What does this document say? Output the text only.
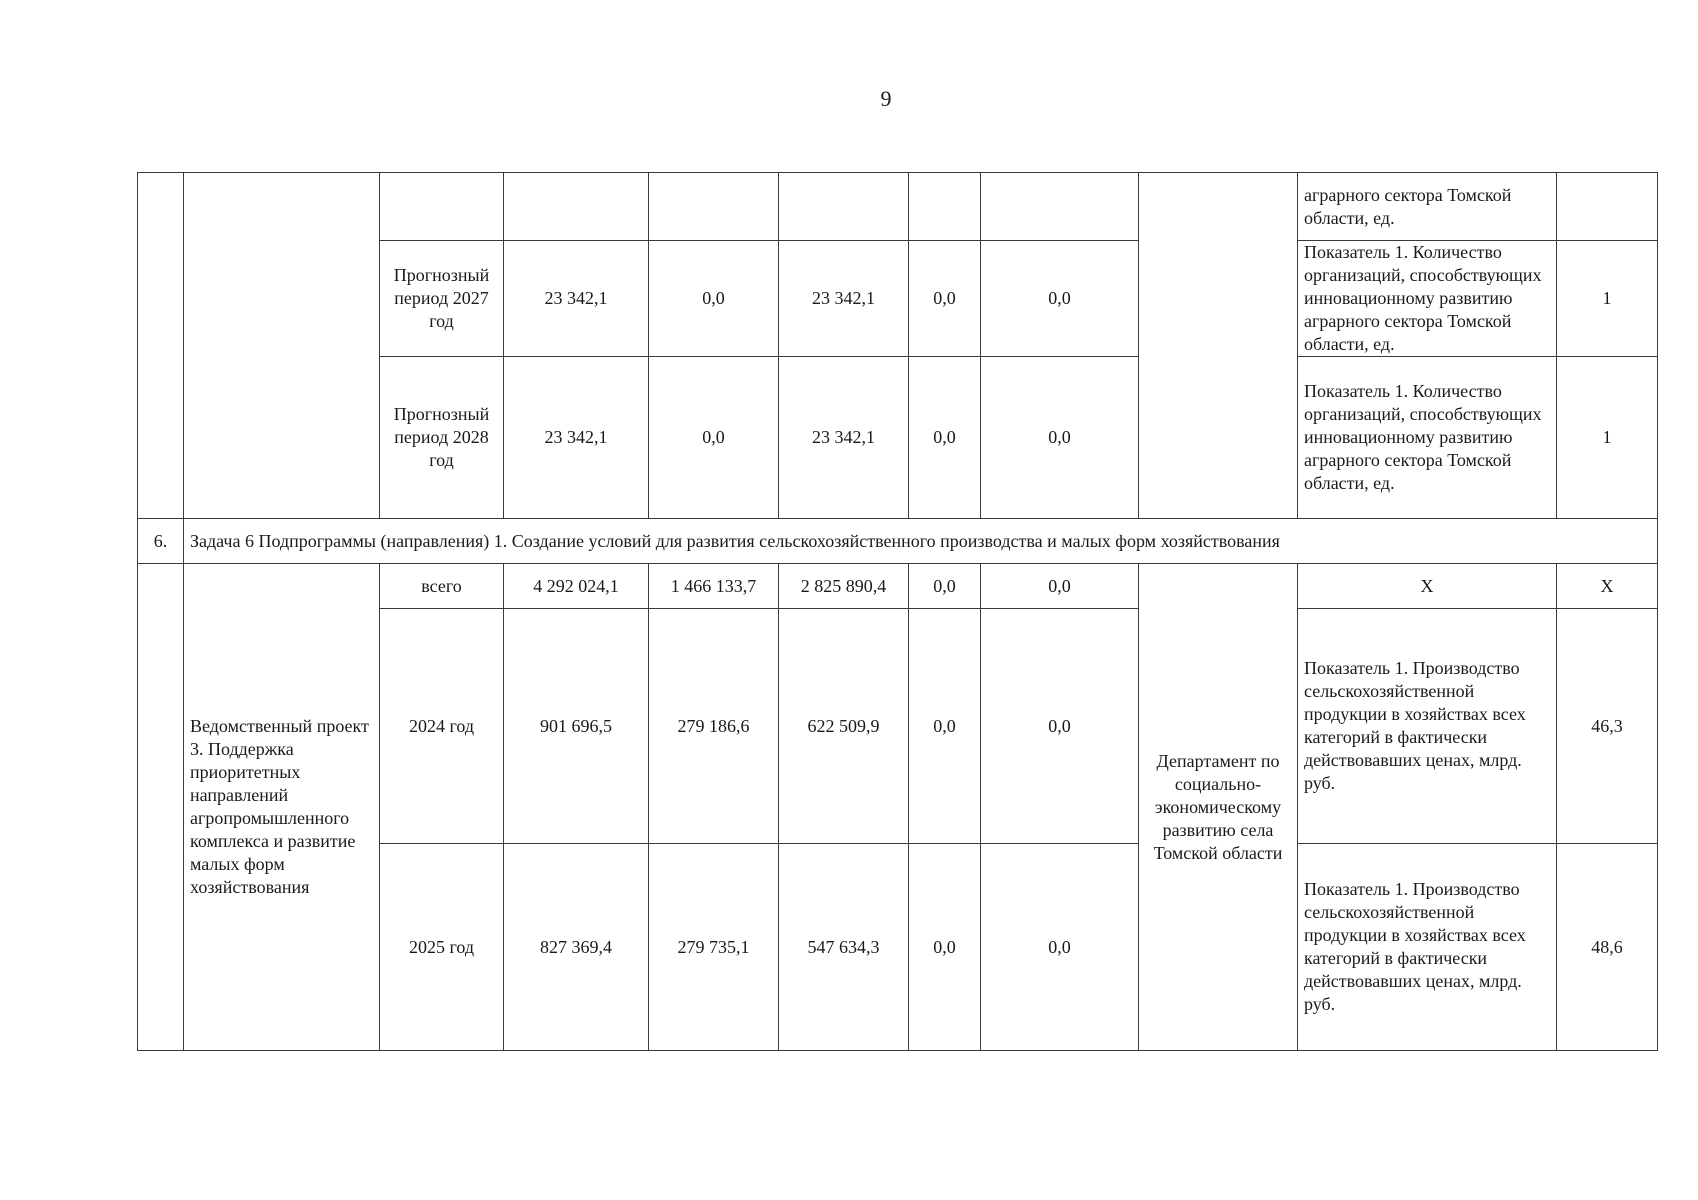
9
									аграрного сектора Томской области, ед.	
		Прогнозный период 2027 год	23 342,1	0,0	23 342,1	0,0	0,0		Показатель 1. Количество организаций, способствующих инновационному развитию аграрного сектора Томской области, ед.	1
		Прогнозный период 2028 год	23 342,1	0,0	23 342,1	0,0	0,0		Показатель 1. Количество организаций, способствующих инновационному развитию аграрного сектора Томской области, ед.	1
6.	Задача 6 Подпрограммы (направления) 1. Создание условий для развития сельскохозяйственного производства и малых форм хозяйствования									
	Ведомственный проект 3. Поддержка приоритетных направлений агропромышленного комплекса и развитие малых форм хозяйствования	всего	4 292 024,1	1 466 133,7	2 825 890,4	0,0	0,0	Департамент по социально-экономическому развитию села Томской области	X	X
		2024 год	901 696,5	279 186,6	622 509,9	0,0	0,0		Показатель 1. Производство сельскохозяйственной продукции в хозяйствах всех категорий в фактически действовавших ценах, млрд. руб.	46,3
		2025 год	827 369,4	279 735,1	547 634,3	0,0	0,0		Показатель 1. Производство сельскохозяйственной продукции в хозяйствах всех категорий в фактически действовавших ценах, млрд. руб.	48,6
